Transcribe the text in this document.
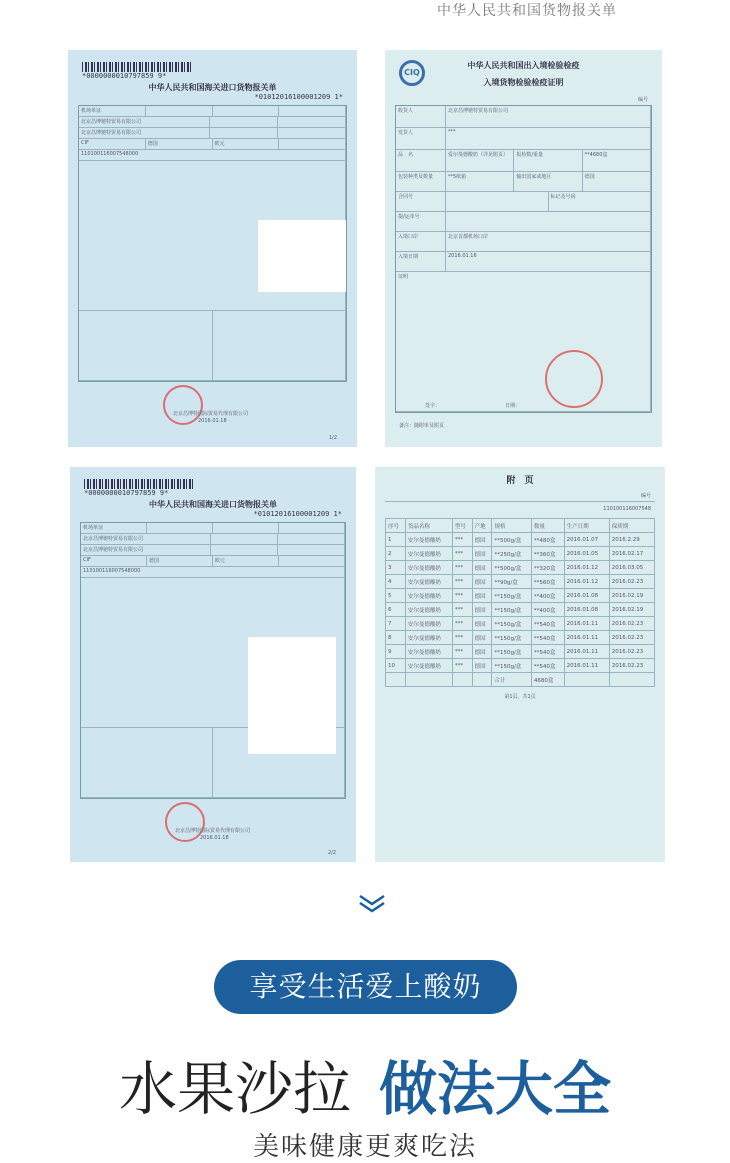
中华人民共和国货物报关单
*0000000010797859 9*
中华人民共和国海关进口货物报关单
*01012016100001209 1*
机场单证
北京昌博驰特贸易有限公司
北京昌博驰特贸易有限公司
CIF	德国	欧元
110100116007548000
北京昌博特国际贸易代理有限公司
2016.01.18
1/2
CIQ
中华人民共和国出入境检验检疫
入境货物检验检疫证明
编号
收货人	北京昌博驰特贸易有限公司
发货人	***
品　名	爱尔曼德酸奶（详见附页）	报检数/重量	**4680盒
包装种类及数量	**5纸箱	输出国家或地区	德国
合同号	标记及号码
提/运单号
入境口岸	北京首都机场口岸
入境日期	2016.01.16
证明
签字：	日期：
备注：随附单及附页
*0000000010797859 9*
中华人民共和国海关进口货物报关单
*01012016100001209 1*
机场单证
北京昌博驰特贸易有限公司
北京昌博驰特贸易有限公司
CIF	德国	欧元
110100116007548000
北京昌博特国际贸易代理有限公司
2016.01.18
2/2
附　页
编号
110100116007548
序号	货品名称	型号	产地	规格	数量	生产日期	保质期
1	安尔曼德酸奶	***	德国	**500g/盒	**480盒	2016.01.07	2016.2.29
2	安尔曼德酸奶	***	德国	**250g/盒	**360盒	2016.01.05	2016.02.17
3	安尔曼德酸奶	***	德国	**500g/盒	**320盒	2016.01.12	2016.03.05
4	安尔曼德酸奶	***	德国	**90g/盒	**560盒	2016.01.12	2016.02.23
5	安尔曼德酸奶	***	德国	**150g/盒	**400盒	2016.01.08	2016.02.19
6	安尔曼德酸奶	***	德国	**150g/盒	**400盒	2016.01.08	2016.02.19
7	安尔曼德酸奶	***	德国	**150g/盒	**540盒	2016.01.11	2016.02.23
8	安尔曼德酸奶	***	德国	**150g/盒	**540盒	2016.01.11	2016.02.23
9	安尔曼德酸奶	***	德国	**150g/盒	**540盒	2016.01.11	2016.02.23
10	安尔曼德酸奶	***	德国	**150g/盒	**540盒	2016.01.11	2016.02.23
				合计	4680盒		
第1页，共1页
享受生活爱上酸奶
水果沙拉 做法大全
美味健康更爽吃法
